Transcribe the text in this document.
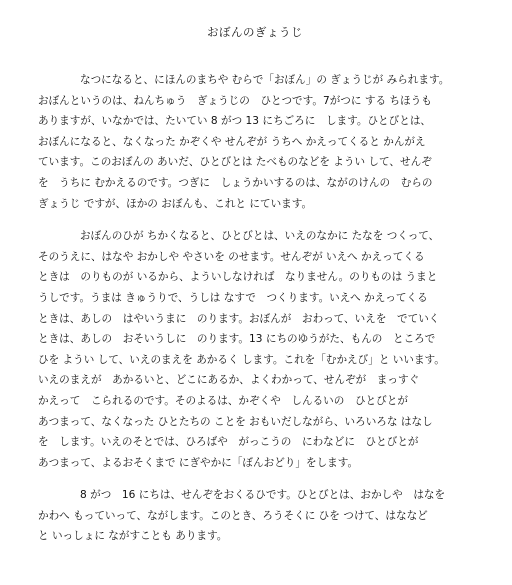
おぼんのぎょうじ
なつになると、にほんのまちや むらで「おぼん」の ぎょうじが みられます。
おぼんというのは、ねんちゅう　ぎょうじの　ひとつです。7がつに する ちほうも
ありますが、いなかでは、たいてい 8 がつ 13 にちごろに　します。ひとびとは、
おぼんになると、なくなった かぞくや せんぞが うちへ かえってくると かんがえ
ています。このおぼんの あいだ、ひとびとは たべものなどを ようい して、せんぞ
を　うちに むかえるのです。つぎに　しょうかいするのは、ながのけんの　むらの
ぎょうじ ですが、ほかの おぼんも、これと にています。
おぼんのひが ちかくなると、ひとびとは、いえのなかに たなを つくって、
そのうえに、はなや おかしや やさいを のせます。せんぞが いえへ かえってくる
ときは　のりものが いるから、よういしなければ　なりません。のりものは うまと
うしです。うまは きゅうりで、うしは なすで　つくります。いえへ かえってくる
ときは、あしの　はやいうまに　のります。おぼんが　おわって、いえを　でていく
ときは、あしの　おそいうしに　のります。13 にちのゆうがた、もんの　ところで
ひを ようい して、いえのまえを あかるく します。これを「むかえび」と いいます。
いえのまえが　あかるいと、どこにあるか、よくわかって、せんぞが　まっすぐ
かえって　こられるのです。そのよるは、かぞくや　しんるいの　ひとびとが
あつまって、なくなった ひとたちの ことを おもいだしながら、いろいろな はなし
を　します。いえのそとでは、ひろばや　がっこうの　にわなどに　ひとびとが
あつまって、よるおそくまで にぎやかに「ぼんおどり」をします。
8 がつ　16 にちは、せんぞをおくるひです。ひとびとは、おかしや　はなを
かわへ もっていって、ながします。このとき、ろうそくに ひを つけて、はななど
と いっしょに ながすことも あります。
